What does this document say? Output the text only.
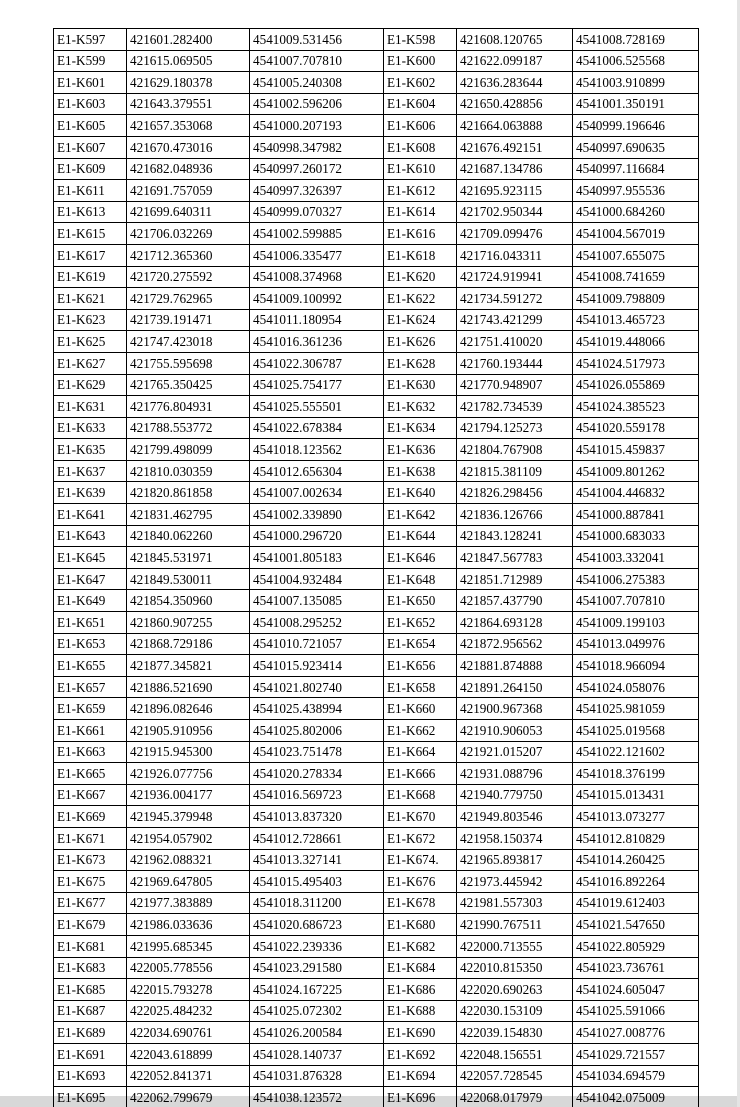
E1-K597	421601.282400	4541009.531456	E1-K598	421608.120765	4541008.728169
E1-K599	421615.069505	4541007.707810	E1-K600	421622.099187	4541006.525568
E1-K601	421629.180378	4541005.240308	E1-K602	421636.283644	4541003.910899
E1-K603	421643.379551	4541002.596206	E1-K604	421650.428856	4541001.350191
E1-K605	421657.353068	4541000.207193	E1-K606	421664.063888	4540999.196646
E1-K607	421670.473016	4540998.347982	E1-K608	421676.492151	4540997.690635
E1-K609	421682.048936	4540997.260172	E1-K610	421687.134786	4540997.116684
E1-K611	421691.757059	4540997.326397	E1-K612	421695.923115	4540997.955536
E1-K613	421699.640311	4540999.070327	E1-K614	421702.950344	4541000.684260
E1-K615	421706.032269	4541002.599885	E1-K616	421709.099476	4541004.567019
E1-K617	421712.365360	4541006.335477	E1-K618	421716.043311	4541007.655075
E1-K619	421720.275592	4541008.374968	E1-K620	421724.919941	4541008.741659
E1-K621	421729.762965	4541009.100992	E1-K622	421734.591272	4541009.798809
E1-K623	421739.191471	4541011.180954	E1-K624	421743.421299	4541013.465723
E1-K625	421747.423018	4541016.361236	E1-K626	421751.410020	4541019.448066
E1-K627	421755.595698	4541022.306787	E1-K628	421760.193444	4541024.517973
E1-K629	421765.350425	4541025.754177	E1-K630	421770.948907	4541026.055869
E1-K631	421776.804931	4541025.555501	E1-K632	421782.734539	4541024.385523
E1-K633	421788.553772	4541022.678384	E1-K634	421794.125273	4541020.559178
E1-K635	421799.498099	4541018.123562	E1-K636	421804.767908	4541015.459837
E1-K637	421810.030359	4541012.656304	E1-K638	421815.381109	4541009.801262
E1-K639	421820.861858	4541007.002634	E1-K640	421826.298456	4541004.446832
E1-K641	421831.462795	4541002.339890	E1-K642	421836.126766	4541000.887841
E1-K643	421840.062260	4541000.296720	E1-K644	421843.128241	4541000.683033
E1-K645	421845.531971	4541001.805183	E1-K646	421847.567783	4541003.332041
E1-K647	421849.530011	4541004.932484	E1-K648	421851.712989	4541006.275383
E1-K649	421854.350960	4541007.135085	E1-K650	421857.437790	4541007.707810
E1-K651	421860.907255	4541008.295252	E1-K652	421864.693128	4541009.199103
E1-K653	421868.729186	4541010.721057	E1-K654	421872.956562	4541013.049976
E1-K655	421877.345821	4541015.923414	E1-K656	421881.874888	4541018.966094
E1-K657	421886.521690	4541021.802740	E1-K658	421891.264150	4541024.058076
E1-K659	421896.082646	4541025.438994	E1-K660	421900.967368	4541025.981059
E1-K661	421905.910956	4541025.802006	E1-K662	421910.906053	4541025.019568
E1-K663	421915.945300	4541023.751478	E1-K664	421921.015207	4541022.121602
E1-K665	421926.077756	4541020.278334	E1-K666	421931.088796	4541018.376199
E1-K667	421936.004177	4541016.569723	E1-K668	421940.779750	4541015.013431
E1-K669	421945.379948	4541013.837320	E1-K670	421949.803546	4541013.073277
E1-K671	421954.057902	4541012.728661	E1-K672	421958.150374	4541012.810829
E1-K673	421962.088321	4541013.327141	E1-K674.	421965.893817	4541014.260425
E1-K675	421969.647805	4541015.495403	E1-K676	421973.445942	4541016.892264
E1-K677	421977.383889	4541018.311200	E1-K678	421981.557303	4541019.612403
E1-K679	421986.033636	4541020.686723	E1-K680	421990.767511	4541021.547650
E1-K681	421995.685345	4541022.239336	E1-K682	422000.713555	4541022.805929
E1-K683	422005.778556	4541023.291580	E1-K684	422010.815350	4541023.736761
E1-K685	422015.793278	4541024.167225	E1-K686	422020.690263	4541024.605047
E1-K687	422025.484232	4541025.072302	E1-K688	422030.153109	4541025.591066
E1-K689	422034.690761	4541026.200584	E1-K690	422039.154830	4541027.008776
E1-K691	422043.618899	4541028.140737	E1-K692	422048.156551	4541029.721557
E1-K693	422052.841371	4541031.876328	E1-K694	422057.728545	4541034.694579
E1-K695	422062.799679	4541038.123572	E1-K696	422068.017979	4541042.075009
